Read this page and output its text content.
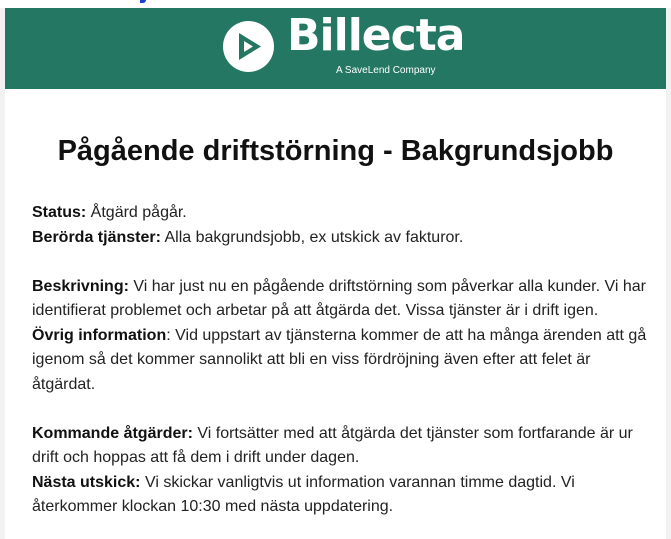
Billecta
A SaveLend Company
Pågående driftstörning - Bakgrundsjobb

Status: Åtgärd pågår.

Berörda tjänster: Alla bakgrundsjobb, ex utskick av fakturor.

Beskrivning: Vi har just nu en pågående driftstörning som påverkar alla kunder. Vi har identifierat problemet och arbetar på att åtgärda det. Vissa tjänster är i drift igen.
Övrig information: Vid uppstart av tjänsterna kommer de att ha många ärenden att gå igenom så det kommer sannolikt att bli en viss fördröjning även efter att felet är åtgärdat.

Kommande åtgärder: Vi fortsätter med att åtgärda det tjänster som fortfarande är ur drift och hoppas att få dem i drift under dagen.
Nästa utskick: Vi skickar vanligtvis ut information varannan timme dagtid. Vi återkommer klockan 10:30 med nästa uppdatering.
